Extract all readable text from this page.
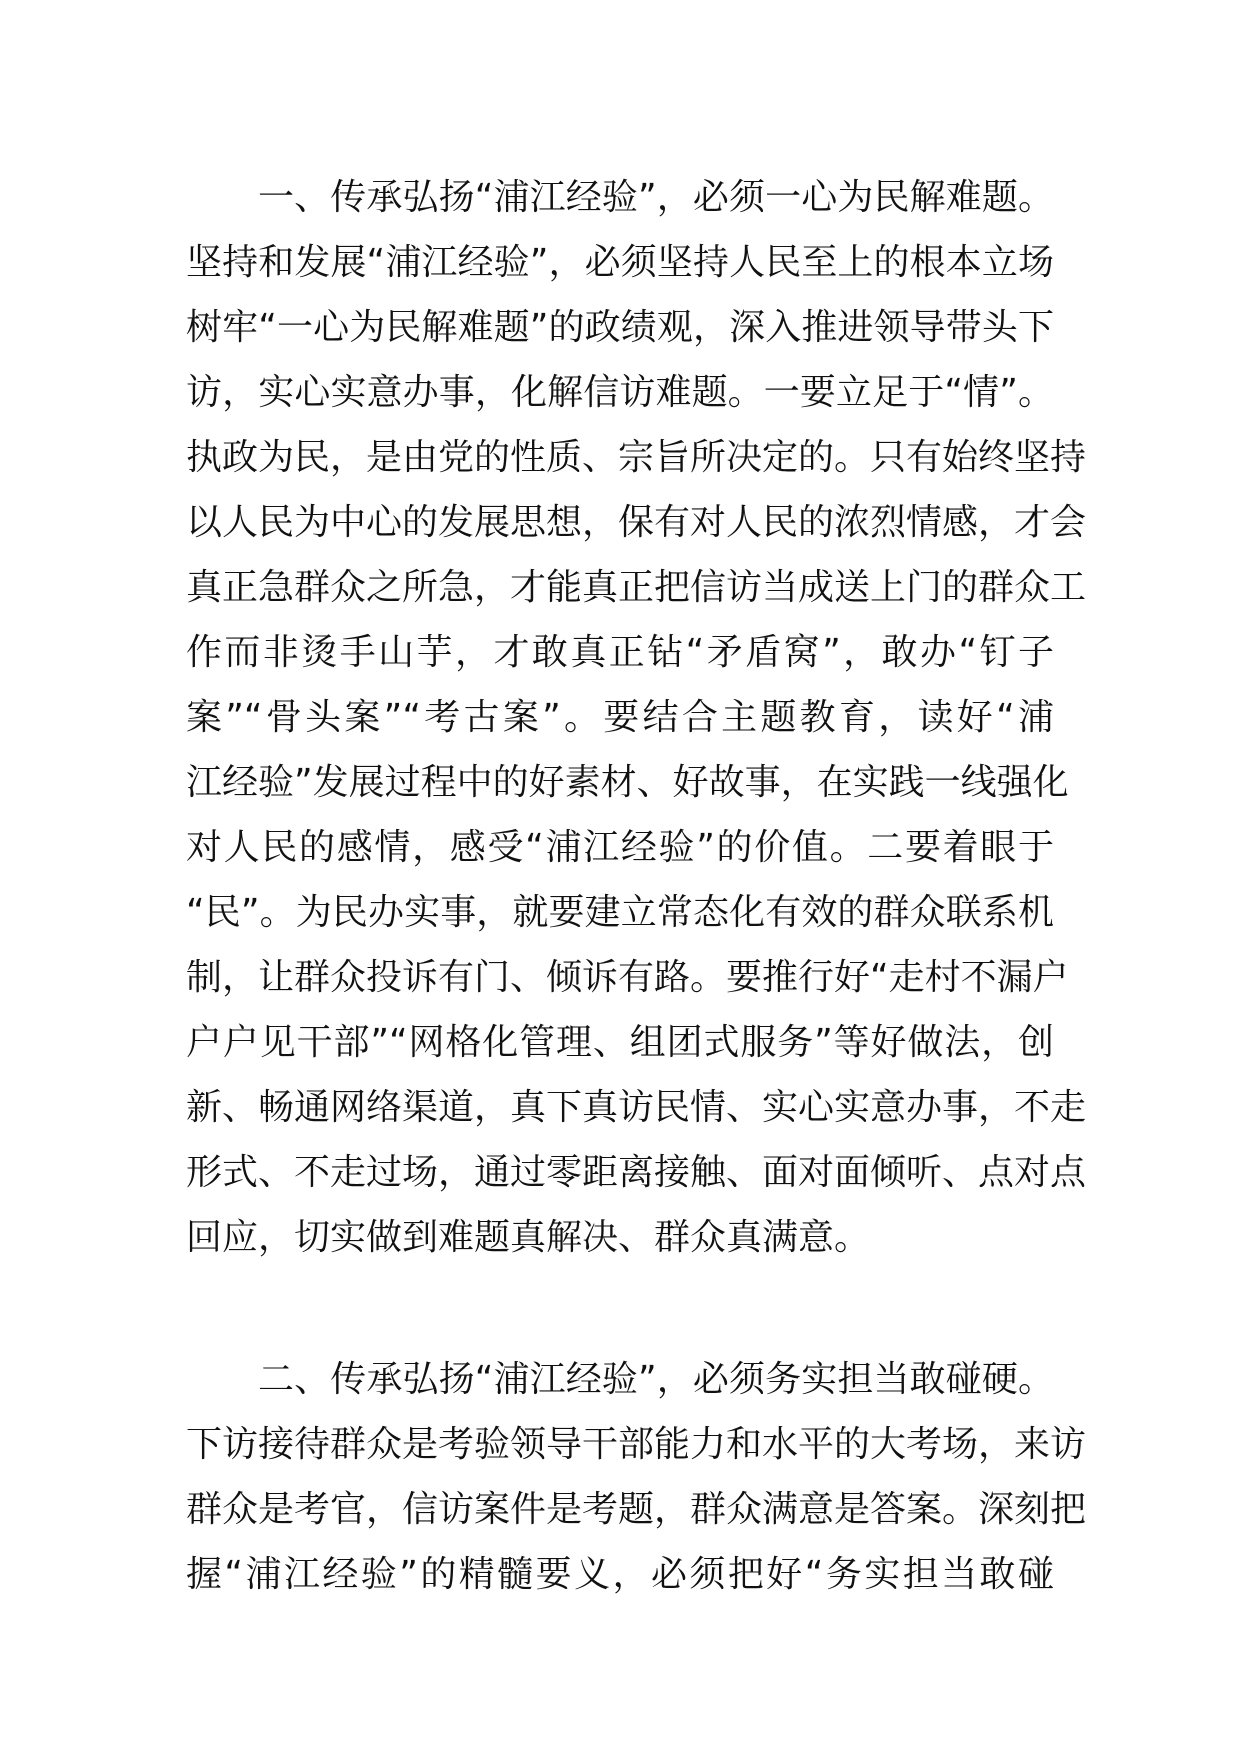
一、传承弘扬“浦江经验”，必须一心为民解难题。
坚持和发展“浦江经验”，必须坚持人民至上的根本立场
树牢“一心为民解难题”的政绩观，深入推进领导带头下
访，实心实意办事，化解信访难题。一要立足于“情”。
执政为民，是由党的性质、宗旨所决定的。只有始终坚持
以人民为中心的发展思想，保有对人民的浓烈情感，才会
真正急群众之所急，才能真正把信访当成送上门的群众工
作而非烫手山芋，才敢真正钻“矛盾窝”，敢办“钉子
案”“骨头案”“考古案”。要结合主题教育，读好“浦
江经验”发展过程中的好素材、好故事，在实践一线强化
对人民的感情，感受“浦江经验”的价值。二要着眼于
“民”。为民办实事，就要建立常态化有效的群众联系机
制，让群众投诉有门、倾诉有路。要推行好“走村不漏户
户户见干部”“网格化管理、组团式服务”等好做法，创
新、畅通网络渠道，真下真访民情、实心实意办事，不走
形式、不走过场，通过零距离接触、面对面倾听、点对点
回应，切实做到难题真解决、群众真满意。
二、传承弘扬“浦江经验”，必须务实担当敢碰硬。
下访接待群众是考验领导干部能力和水平的大考场，来访
群众是考官，信访案件是考题，群众满意是答案。深刻把
握“浦江经验”的精髓要义，必须把好“务实担当敢碰
